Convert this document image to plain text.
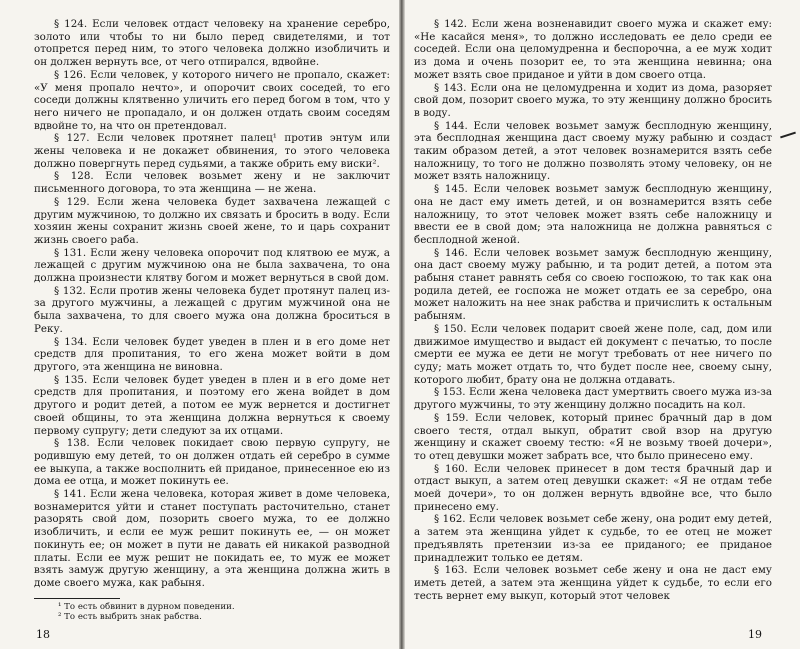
§ 124. Если человек отдаст человеку на хранение серебро, золото или чтобы то ни было перед свидетелями, и тот отопрется перед ним, то этого человека должно изобличить и он должен вернуть все, от чего отпирался, вдвойне.

§ 126. Если человек, у которого ничего не пропало, скажет: «У меня пропало нечто», и опорочит своих соседей, то его соседи должны клятвенно уличить его перед богом в том, что у него ничего не пропадало, и он должен отдать своим соседям вдвойне то, на что он претендовал.

§ 127. Если человек протянет палец¹ против энтум или жены человека и не докажет обвинения, то этого человека должно повергнуть перед судьями, а также обрить ему виски².

§ 128. Если человек возьмет жену и не заключит письменного договора, то эта женщина — не жена.

§ 129. Если жена человека будет захвачена лежащей с другим мужчиною, то должно их связать и бросить в воду. Если хозяин жены сохранит жизнь своей жене, то и царь сохранит жизнь своего раба.

§ 131. Если жену человека опорочит под клятвою ее муж, а лежащей с другим мужчиною она не была захвачена, то она должна произнести клятву богом и может вернуться в свой дом.

§ 132. Если против жены человека будет протянут палец из-за другого мужчины, а лежащей с другим мужчиной она не была захвачена, то для своего мужа она должна броситься в Реку.

§ 134. Если человек будет уведен в плен и в его доме нет средств для пропитания, то его жена может войти в дом другого, эта женщина не виновна.

§ 135. Если человек будет уведен в плен и в его доме нет средств для пропитания, и поэтому его жена войдет в дом другого и родит детей, а потом ее муж вернется и достигнет своей общины, то эта женщина должна вернуться к своему первому супругу; дети следуют за их отцами.

§ 138. Если человек покидает свою первую супругу, не родившую ему детей, то он должен отдать ей серебро в сумме ее выкупа, а также восполнить ей приданое, принесенное ею из дома ее отца, и может покинуть ее.

§ 141. Если жена человека, которая живет в доме человека, вознамерится уйти и станет поступать расточительно, станет разорять свой дом, позорить своего мужа, то ее должно изобличить, и если ее муж решит покинуть ее, — он может покинуть ее; он может в пути не давать ей никакой разводной платы. Если ее муж решит не покидать ее, то муж ее может взять замуж другую женщину, а эта женщина должна жить в доме своего мужа, как рабыня.

¹ То есть обвинит в дурном поведении.

² То есть выбрить знак рабства.

18

§ 142. Если жена возненавидит своего мужа и скажет ему: «Не касайся меня», то должно исследовать ее дело среди ее соседей. Если она целомудренна и беспорочна, а ее муж ходит из дома и очень позорит ее, то эта женщина невинна; она может взять свое приданое и уйти в дом своего отца.

§ 143. Если она не целомудренна и ходит из дома, разоряет свой дом, позорит своего мужа, то эту женщину должно бросить в воду.

§ 144. Если человек возьмет замуж бесплодную женщину, эта бесплодная женщина даст своему мужу рабыню и создаст таким образом детей, а этот человек вознамерится взять себе наложницу, то того не должно позволять этому человеку, он не может взять наложницу.

§ 145. Если человек возьмет замуж бесплодную женщину, она не даст ему иметь детей, и он вознамерится взять себе наложницу, то этот человек может взять себе наложницу и ввести ее в свой дом; эта наложница не должна равняться с бесплодной женой.

§ 146. Если человек возьмет замуж бесплодную женщину, она даст своему мужу рабыню, и та родит детей, а потом эта рабыня станет равнять себя со своею госпожою, то так как она родила детей, ее госпожа не может отдать ее за серебро, она может наложить на нее знак рабства и причислить к остальным рабыням.

§ 150. Если человек подарит своей жене поле, сад, дом или движимое имущество и выдаст ей документ с печатью, то после смерти ее мужа ее дети не могут требовать от нее ничего по суду; мать может отдать то, что будет после нее, своему сыну, которого любит, брату она не должна отдавать.

§ 153. Если жена человека даст умертвить своего мужа из-за другого мужчины, то эту женщину должно посадить на кол.

§ 159. Если человек, который принес брачный дар в дом своего тестя, отдал выкуп, обратит свой взор на другую женщину и скажет своему тестю: «Я не возьму твоей дочери», то отец девушки может забрать все, что было принесено ему.

§ 160. Если человек принесет в дом тестя брачный дар и отдаст выкуп, а затем отец девушки скажет: «Я не отдам тебе моей дочери», то он должен вернуть вдвойне все, что было принесено ему.

§ 162. Если человек возьмет себе жену, она родит ему детей, а затем эта женщина уйдет к судьбе, то ее отец не может предъявлять претензии из-за ее приданого; ее приданое принадлежит только ее детям.

§ 163. Если человек возьмет себе жену и она не даст ему иметь детей, а затем эта женщина уйдет к судьбе, то если его тесть вернет ему выкуп, который этот человек

19
